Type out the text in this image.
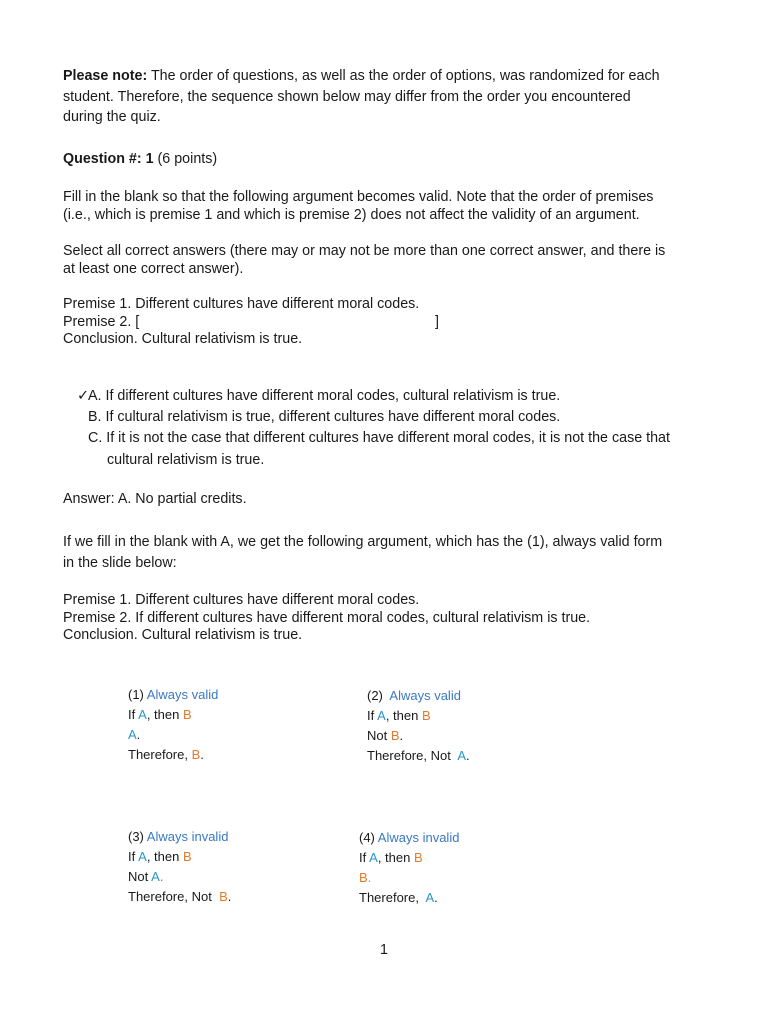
Please note: The order of questions, as well as the order of options, was randomized for each
student. Therefore, the sequence shown below may differ from the order you encountered
during the quiz.
Question #: 1 (6 points)
Fill in the blank so that the following argument becomes valid. Note that the order of premises
(i.e., which is premise 1 and which is premise 2) does not affect the validity of an argument.
Select all correct answers (there may or may not be more than one correct answer, and there is
at least one correct answer).
Premise 1. Different cultures have different moral codes.
Premise 2. [	]
Conclusion. Cultural relativism is true.
✓ A. If different cultures have different moral codes, cultural relativism is true.
B. If cultural relativism is true, different cultures have different moral codes.
C. If it is not the case that different cultures have different moral codes, it is not the case that
cultural relativism is true.
Answer: A. No partial credits.
If we fill in the blank with A, we get the following argument, which has the (1), always valid form
in the slide below:
Premise 1. Different cultures have different moral codes.
Premise 2. If different cultures have different moral codes, cultural relativism is true.
Conclusion. Cultural relativism is true.
(1) Always valid
If A, then B
A.
Therefore, B.
(2) Always valid
If A, then B
Not B.
Therefore, Not A.
(3) Always invalid
If A, then B
Not A.
Therefore, Not B.
(4) Always invalid
If A, then B
B.
Therefore, A.
1
